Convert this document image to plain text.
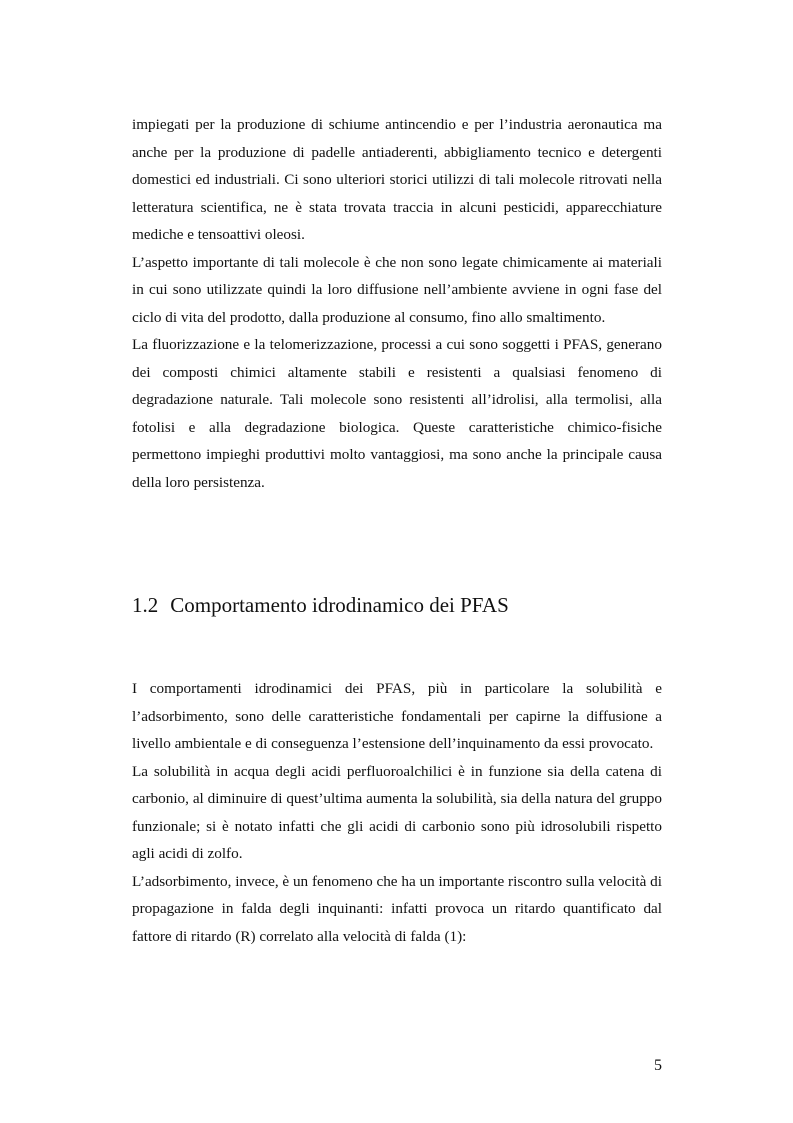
impiegati per la produzione di schiume antincendio e per l’industria aeronautica ma anche per la produzione di padelle antiaderenti, abbigliamento tecnico e detergenti domestici ed industriali. Ci sono ulteriori storici utilizzi di tali molecole ritrovati nella letteratura scientifica, ne è stata trovata traccia in alcuni pesticidi, apparecchiature mediche e tensoattivi oleosi.

L’aspetto importante di tali molecole è che non sono legate chimicamente ai materiali in cui sono utilizzate quindi la loro diffusione nell’ambiente avviene in ogni fase del ciclo di vita del prodotto, dalla produzione al consumo, fino allo smaltimento.

La fluorizzazione e la telomerizzazione, processi a cui sono soggetti i PFAS, generano dei composti chimici altamente stabili e resistenti a qualsiasi fenomeno di degradazione naturale. Tali molecole sono resistenti all’idrolisi, alla termolisi, alla fotolisi e alla degradazione biologica. Queste caratteristiche chimico-fisiche permettono impieghi produttivi molto vantaggiosi, ma sono anche la principale causa della loro persistenza.

1.2 Comportamento idrodinamico dei PFAS

I comportamenti idrodinamici dei PFAS, più in particolare la solubilità e l’adsorbimento, sono delle caratteristiche fondamentali per capirne la diffusione a livello ambientale e di conseguenza l’estensione dell’inquinamento da essi provocato.

La solubilità in acqua degli acidi perfluoroalchilici è in funzione sia della catena di carbonio, al diminuire di quest’ultima aumenta la solubilità, sia della natura del gruppo funzionale; si è notato infatti che gli acidi di carbonio sono più idrosolubili rispetto agli acidi di zolfo.

L’adsorbimento, invece, è un fenomeno che ha un importante riscontro sulla velocità di propagazione in falda degli inquinanti: infatti provoca un ritardo quantificato dal fattore di ritardo (R) correlato alla velocità di falda (1):

5
